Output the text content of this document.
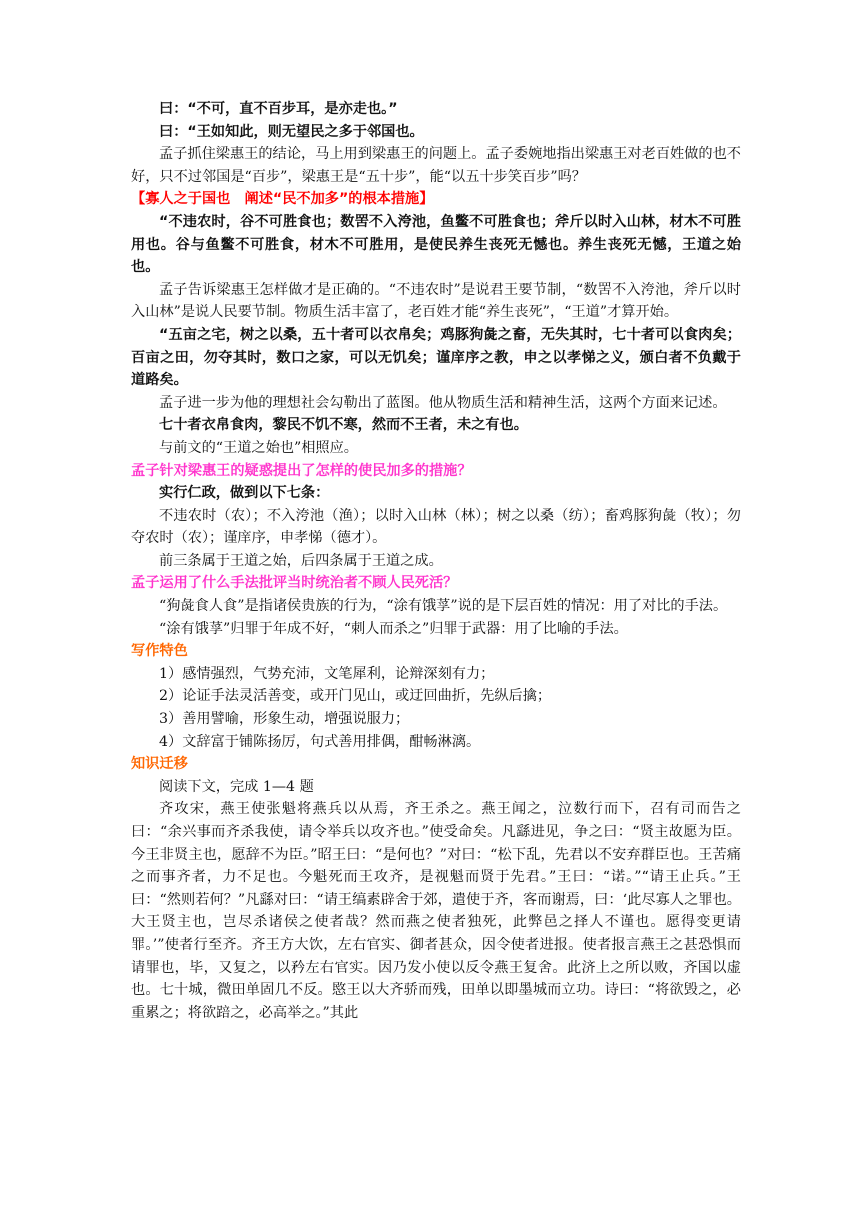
曰：“不可，直不百步耳，是亦走也。”

曰：“王如知此，则无望民之多于邻国也。

孟子抓住梁惠王的结论，马上用到梁惠王的问题上。孟子委婉地指出梁惠王对老百姓做的也不好，只不过邻国是“百步”，梁惠王是“五十步”，能“以五十步笑百步”吗？

【寡人之于国也　阐述“民不加多”的根本措施】

“不违农时，谷不可胜食也；数罟不入洿池，鱼鳖不可胜食也；斧斤以时入山林，材木不可胜用也。谷与鱼鳖不可胜食，材木不可胜用，是使民养生丧死无憾也。养生丧死无憾，王道之始也。

孟子告诉梁惠王怎样做才是正确的。“不违农时”是说君王要节制，“数罟不入洿池，斧斤以时入山林”是说人民要节制。物质生活丰富了，老百姓才能“养生丧死”，“王道”才算开始。

“五亩之宅，树之以桑，五十者可以衣帛矣；鸡豚狗彘之畜，无失其时，七十者可以食肉矣；百亩之田，勿夺其时，数口之家，可以无饥矣；谨庠序之教，申之以孝悌之义，颁白者不负戴于道路矣。

孟子进一步为他的理想社会勾勒出了蓝图。他从物质生活和精神生活，这两个方面来记述。

七十者衣帛食肉，黎民不饥不寒，然而不王者，未之有也。

与前文的“王道之始也”相照应。

孟子针对梁惠王的疑惑提出了怎样的使民加多的措施？

实行仁政，做到以下七条：

不违农时（农）；不入洿池（渔）；以时入山林（林）；树之以桑（纺）；畜鸡豚狗彘（牧）；勿夺农时（农）；谨庠序，申孝悌（德才）。

前三条属于王道之始，后四条属于王道之成。

孟子运用了什么手法批评当时统治者不顾人民死活？

“狗彘食人食”是指诸侯贵族的行为，“涂有饿莩”说的是下层百姓的情况：用了对比的手法。

“涂有饿莩”归罪于年成不好，“刺人而杀之”归罪于武器：用了比喻的手法。

写作特色

1）感情强烈，气势充沛，文笔犀利，论辩深刻有力；

2）论证手法灵活善变，或开门见山，或迂回曲折，先纵后擒；

3）善用譬喻，形象生动，增强说服力；

4）文辞富于铺陈扬厉，句式善用排偶，酣畅淋漓。

知识迁移

阅读下文，完成 1—4 题

齐攻宋，燕王使张魁将燕兵以从焉，齐王杀之。燕王闻之，泣数行而下，召有司而告之曰：“余兴事而齐杀我使，请令举兵以攻齐也。”使受命矣。凡繇进见，争之曰：“贤主故愿为臣。今王非贤主也，愿辞不为臣。”昭王曰：“是何也？”对曰：“松下乱，先君以不安弃群臣也。王苦痛之而事齐者，力不足也。今魁死而王攻齐，是视魁而贤于先君。”王曰：“诺。”“请王止兵。”王曰：“然则若何？”凡繇对曰：“请王缟素辟舍于郊，遣使于齐，客而谢焉，曰：‘此尽寡人之罪也。大王贤主也，岂尽杀诸侯之使者哉？然而燕之使者独死，此弊邑之择人不谨也。愿得变更请罪。’”使者行至齐。齐王方大饮，左右官实、御者甚众，因令使者进报。使者报言燕王之甚恐惧而请罪也，毕，又复之，以矜左右官实。因乃发小使以反令燕王复舍。此济上之所以败，齐国以虚也。七十城，微田单固几不反。愍王以大齐骄而残，田单以即墨城而立功。诗曰：“将欲毁之，必重累之；将欲踣之，必高举之。”其此
